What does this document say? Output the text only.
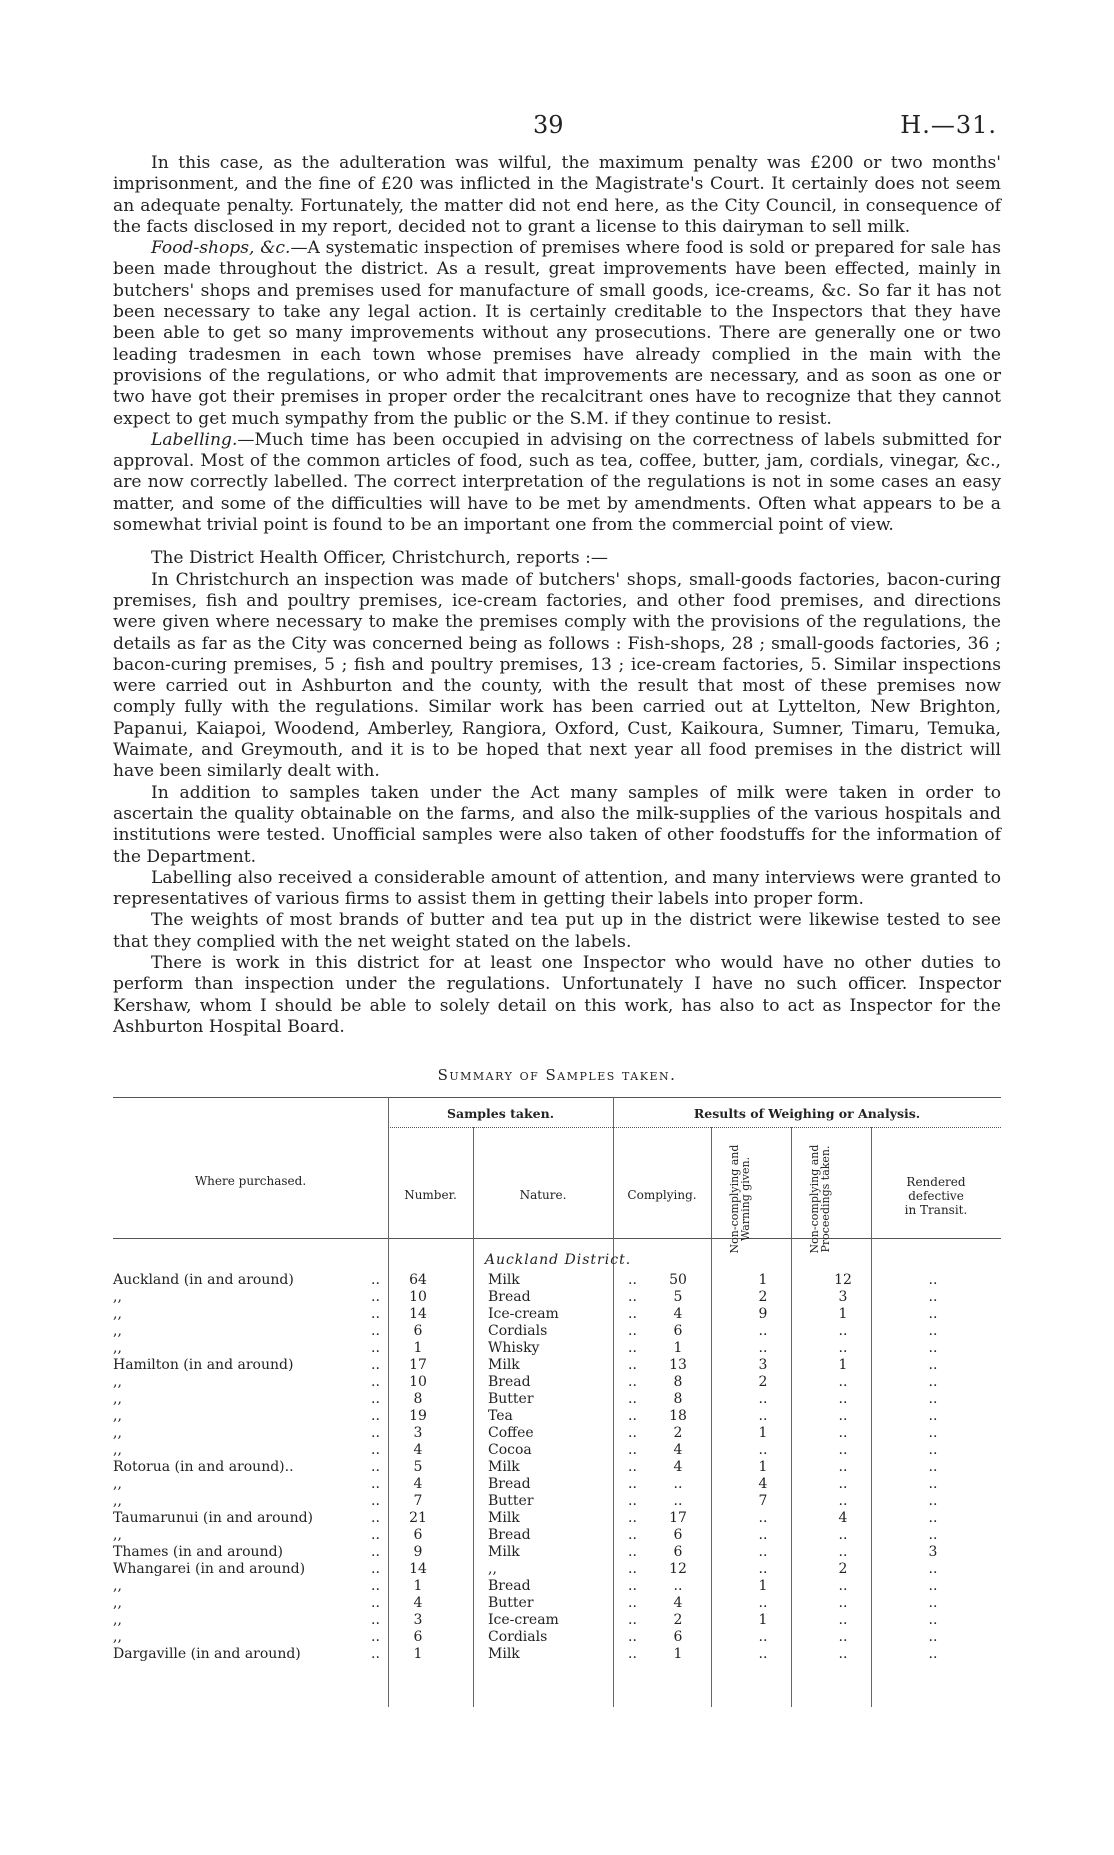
39	H.—31.

In this case, as the adulteration was wilful, the maximum penalty was £200 or two months' imprisonment, and the fine of £20 was inflicted in the Magistrate's Court. It certainly does not seem an adequate penalty. Fortunately, the matter did not end here, as the City Council, in consequence of the facts disclosed in my report, decided not to grant a license to this dairyman to sell milk.

Food-shops, &c.—A systematic inspection of premises where food is sold or prepared for sale has been made throughout the district. As a result, great improvements have been effected, mainly in butchers' shops and premises used for manufacture of small goods, ice-creams, &c. So far it has not been necessary to take any legal action. It is certainly creditable to the Inspectors that they have been able to get so many improvements without any prosecutions. There are generally one or two leading tradesmen in each town whose premises have already complied in the main with the provisions of the regulations, or who admit that improvements are necessary, and as soon as one or two have got their premises in proper order the recalcitrant ones have to recognize that they cannot expect to get much sympathy from the public or the S.M. if they continue to resist.

Labelling.—Much time has been occupied in advising on the correctness of labels submitted for approval. Most of the common articles of food, such as tea, coffee, butter, jam, cordials, vinegar, &c., are now correctly labelled. The correct interpretation of the regulations is not in some cases an easy matter, and some of the difficulties will have to be met by amendments. Often what appears to be a somewhat trivial point is found to be an important one from the commercial point of view.

The District Health Officer, Christchurch, reports :—

In Christchurch an inspection was made of butchers' shops, small-goods factories, bacon-curing premises, fish and poultry premises, ice-cream factories, and other food premises, and directions were given where necessary to make the premises comply with the provisions of the regulations, the details as far as the City was concerned being as follows : Fish-shops, 28 ; small-goods factories, 36 ; bacon-curing premises, 5 ; fish and poultry premises, 13 ; ice-cream factories, 5. Similar inspections were carried out in Ashburton and the county, with the result that most of these premises now comply fully with the regulations. Similar work has been carried out at Lyttelton, New Brighton, Papanui, Kaiapoi, Woodend, Amberley, Rangiora, Oxford, Cust, Kaikoura, Sumner, Timaru, Temuka, Waimate, and Greymouth, and it is to be hoped that next year all food premises in the district will have been similarly dealt with.

In addition to samples taken under the Act many samples of milk were taken in order to ascertain the quality obtainable on the farms, and also the milk-supplies of the various hospitals and institutions were tested. Unofficial samples were also taken of other foodstuffs for the information of the Department.

Labelling also received a considerable amount of attention, and many interviews were granted to representatives of various firms to assist them in getting their labels into proper form.

The weights of most brands of butter and tea put up in the district were likewise tested to see that they complied with the net weight stated on the labels.

There is work in this district for at least one Inspector who would have no other duties to perform than inspection under the regulations. Unfortunately I have no such officer. Inspector Kershaw, whom I should be able to solely detail on this work, has also to act as Inspector for the Ashburton Hospital Board.

Summary of Samples taken.
Where purchased.
Samples taken.	Results of Weighing or Analysis.
Number.	Nature.	Complying.	Non-complying and Warning given.	Non-complying and Proceedings taken.	Rendered defective in Transit.
Auckland District.
Auckland (in and around)	..	64	Milk	..	50	1	12	..
,,	..	10	Bread	..	5	2	3	..
,,	..	14	Ice-cream	..	4	9	1	..
,,	..	6	Cordials	..	6	..	..	..
,,	..	1	Whisky	..	1	..	..	..
Hamilton (in and around)	..	17	Milk	..	13	3	1	..
,,	..	10	Bread	..	8	2	..	..
,,	..	8	Butter	..	8	..	..	..
,,	..	19	Tea	..	18	..	..	..
,,	..	3	Coffee	..	2	1	..	..
,,	..	4	Cocoa	..	4	..	..	..
Rotorua (in and around)..	..	5	Milk	..	4	1	..	..
,,	..	4	Bread	..	..	4	..	..
,,	..	7	Butter	..	..	7	..	..
Taumarunui (in and around)	..	21	Milk	..	17	..	4	..
,,	..	6	Bread	..	6	..	..	..
Thames (in and around)	..	9	Milk	..	6	..	..	3
Whangarei (in and around)	..	14	,,	..	12	..	2	..
,,	..	1	Bread	..	..	1	..	..
,,	..	4	Butter	..	4	..	..	..
,,	..	3	Ice-cream	..	2	1	..	..
,,	..	6	Cordials	..	6	..	..	..
Dargaville (in and around)	..	1	Milk	..	1	..	..	..
